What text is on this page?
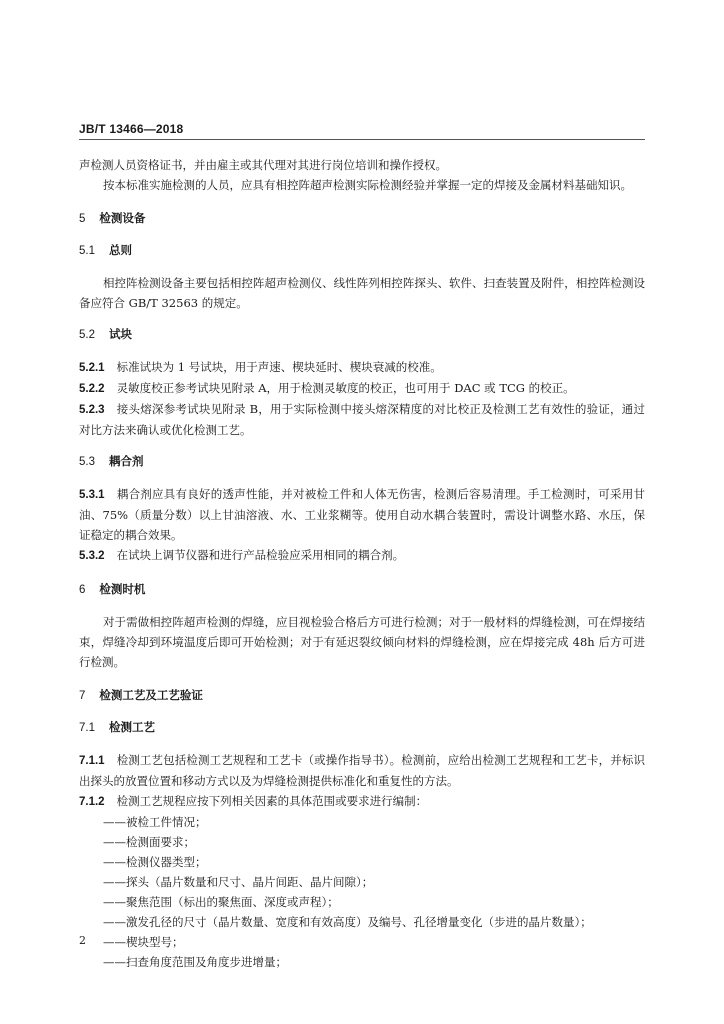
JB/T 13466—2018

声检测人员资格证书，并由雇主或其代理对其进行岗位培训和操作授权。

按本标准实施检测的人员，应具有相控阵超声检测实际检测经验并掌握一定的焊接及金属材料基础知识。

5 检测设备

5.1 总则

相控阵检测设备主要包括相控阵超声检测仪、线性阵列相控阵探头、软件、扫查装置及附件，相控阵检测设备应符合 GB/T 32563 的规定。

5.2 试块

5.2.1 标准试块为 1 号试块，用于声速、楔块延时、楔块衰减的校准。

5.2.2 灵敏度校正参考试块见附录 A，用于检测灵敏度的校正，也可用于 DAC 或 TCG 的校正。

5.2.3 接头熔深参考试块见附录 B，用于实际检测中接头熔深精度的对比校正及检测工艺有效性的验证，通过对比方法来确认或优化检测工艺。

5.3 耦合剂

5.3.1 耦合剂应具有良好的透声性能，并对被检工件和人体无伤害，检测后容易清理。手工检测时，可采用甘油、75%（质量分数）以上甘油溶液、水、工业浆糊等。使用自动水耦合装置时，需设计调整水路、水压，保证稳定的耦合效果。

5.3.2 在试块上调节仪器和进行产品检验应采用相同的耦合剂。

6 检测时机

对于需做相控阵超声检测的焊缝，应目视检验合格后方可进行检测；对于一般材料的焊缝检测，可在焊接结束，焊缝冷却到环境温度后即可开始检测；对于有延迟裂纹倾向材料的焊缝检测，应在焊接完成 48h 后方可进行检测。

7 检测工艺及工艺验证

7.1 检测工艺

7.1.1 检测工艺包括检测工艺规程和工艺卡（或操作指导书）。检测前，应给出检测工艺规程和工艺卡，并标识出探头的放置位置和移动方式以及为焊缝检测提供标准化和重复性的方法。

7.1.2 检测工艺规程应按下列相关因素的具体范围或要求进行编制：

——被检工件情况；

——检测面要求；

——检测仪器类型；

——探头（晶片数量和尺寸、晶片间距、晶片间隙）；

——聚焦范围（标出的聚焦面、深度或声程）；

——激发孔径的尺寸（晶片数量、宽度和有效高度）及编号、孔径增量变化（步进的晶片数量）；

——楔块型号；

——扫查角度范围及角度步进增量；

2
